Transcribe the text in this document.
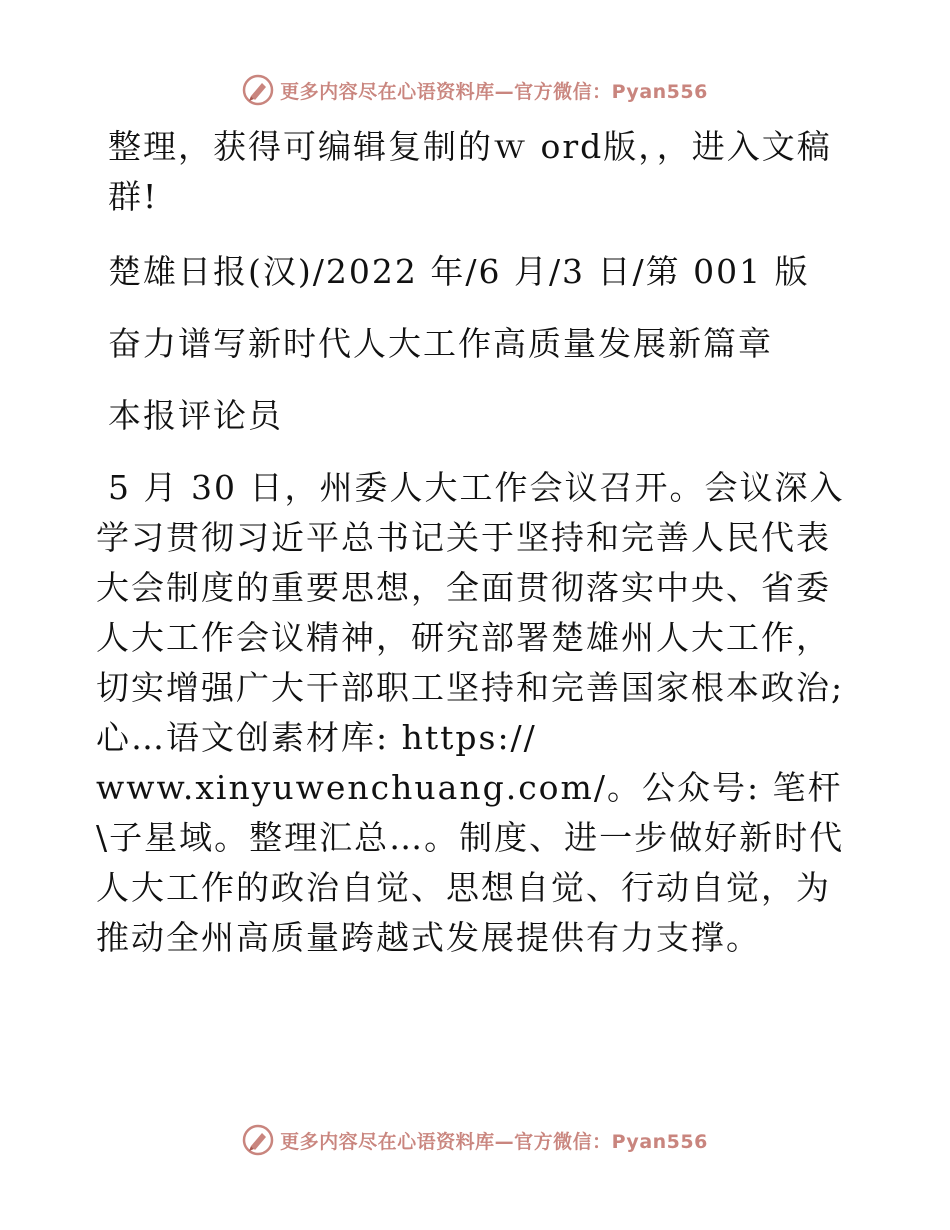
更多内容尽在心语资料库—官方微信：Pyan556

整理，获得可编辑复制的ｗ ord版，，进入文稿群!

楚雄日报(汉)/2022 年/6 月/3 日/第 001 版

奋力谱写新时代人大工作高质量发展新篇章

本报评论员

5 月 30 日，州委人大工作会议召开。会议深入学习贯彻习近平总书记关于坚持和完善人民代表大会制度的重要思想，全面贯彻落实中央、省委人大工作会议精神，研究部署楚雄州人大工作，切实增强广大干部职工坚持和完善国家根本政治;心…语文创素材库: https://

www.xinyuwenchuang.com/。公众号: 笔杆\子星域。整理汇总…。制度、进一步做好新时代人大工作的政治自觉、思想自觉、行动自觉，为推动全州高质量跨越式发展提供有力支撑。

更多内容尽在心语资料库—官方微信：Pyan556
